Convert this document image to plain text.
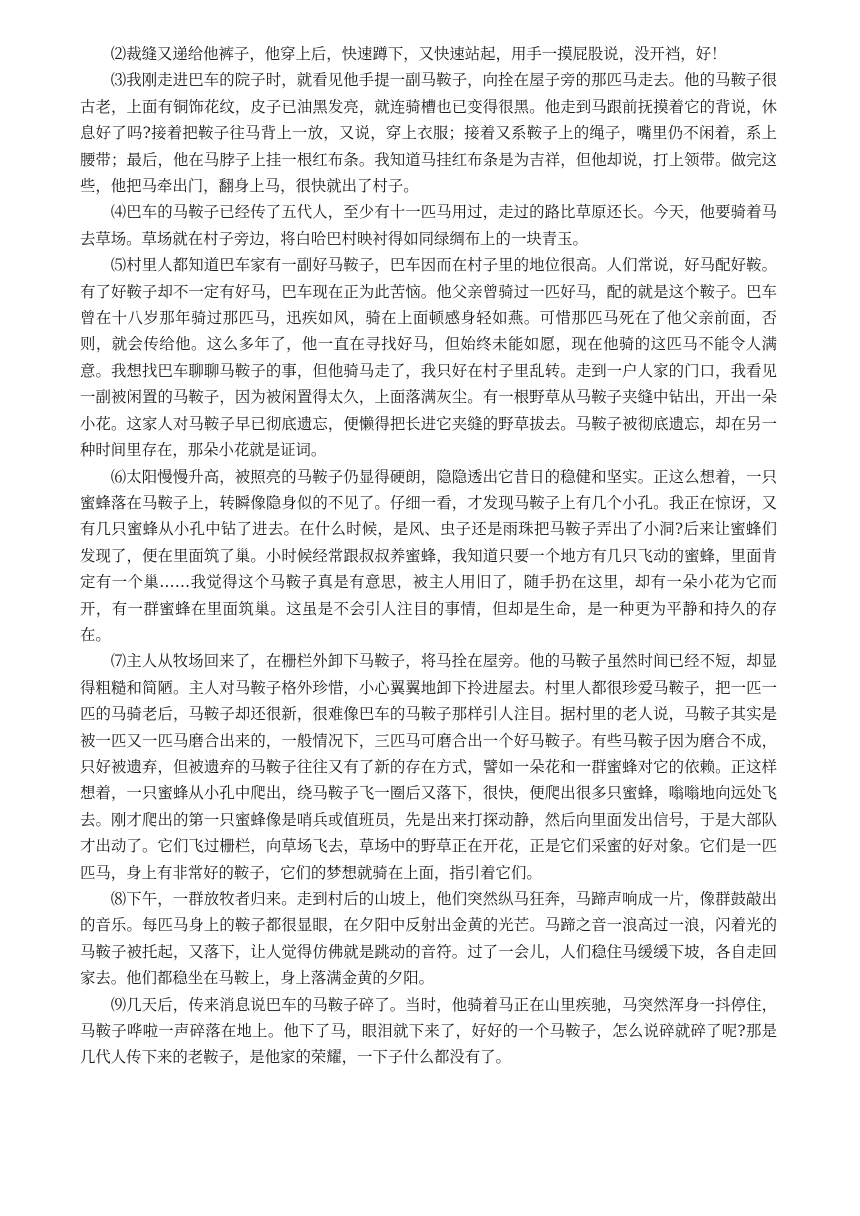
⑵裁缝又递给他裤子，他穿上后，快速蹲下，又快速站起，用手一摸屁股说，没开裆，好！

⑶我刚走进巴车的院子时，就看见他手提一副马鞍子，向拴在屋子旁的那匹马走去。他的马鞍子很古老，上面有铜饰花纹，皮子已油黑发亮，就连骑槽也已变得很黑。他走到马跟前抚摸着它的背说，休息好了吗?接着把鞍子往马背上一放，又说，穿上衣服；接着又系鞍子上的绳子，嘴里仍不闲着，系上腰带；最后，他在马脖子上挂一根红布条。我知道马挂红布条是为吉祥，但他却说，打上领带。做完这些，他把马牵出门，翻身上马，很快就出了村子。

⑷巴车的马鞍子已经传了五代人，至少有十一匹马用过，走过的路比草原还长。今天，他要骑着马去草场。草场就在村子旁边，将白哈巴村映衬得如同绿绸布上的一块青玉。

⑸村里人都知道巴车家有一副好马鞍子，巴车因而在村子里的地位很高。人们常说，好马配好鞍。有了好鞍子却不一定有好马，巴车现在正为此苦恼。他父亲曾骑过一匹好马，配的就是这个鞍子。巴车曾在十八岁那年骑过那匹马，迅疾如风，骑在上面顿感身轻如燕。可惜那匹马死在了他父亲前面，否则，就会传给他。这么多年了，他一直在寻找好马，但始终未能如愿，现在他骑的这匹马不能令人满意。我想找巴车聊聊马鞍子的事，但他骑马走了，我只好在村子里乱转。走到一户人家的门口，我看见一副被闲置的马鞍子，因为被闲置得太久，上面落满灰尘。有一根野草从马鞍子夹缝中钻出，开出一朵小花。这家人对马鞍子早已彻底遗忘，便懒得把长进它夹缝的野草拔去。马鞍子被彻底遗忘，却在另一种时间里存在，那朵小花就是证词。

⑹太阳慢慢升高，被照亮的马鞍子仍显得硬朗，隐隐透出它昔日的稳健和坚实。正这么想着，一只蜜蜂落在马鞍子上，转瞬像隐身似的不见了。仔细一看，才发现马鞍子上有几个小孔。我正在惊讶，又有几只蜜蜂从小孔中钻了进去。在什么时候，是风、虫子还是雨珠把马鞍子弄出了小洞?后来让蜜蜂们发现了，便在里面筑了巢。小时候经常跟叔叔养蜜蜂，我知道只要一个地方有几只飞动的蜜蜂，里面肯定有一个巢……我觉得这个马鞍子真是有意思，被主人用旧了，随手扔在这里，却有一朵小花为它而开，有一群蜜蜂在里面筑巢。这虽是不会引人注目的事情，但却是生命，是一种更为平静和持久的存在。

⑺主人从牧场回来了，在栅栏外卸下马鞍子，将马拴在屋旁。他的马鞍子虽然时间已经不短，却显得粗糙和简陋。主人对马鞍子格外珍惜，小心翼翼地卸下拎进屋去。村里人都很珍爱马鞍子，把一匹一匹的马骑老后，马鞍子却还很新，很难像巴车的马鞍子那样引人注目。据村里的老人说，马鞍子其实是被一匹又一匹马磨合出来的，一般情况下，三匹马可磨合出一个好马鞍子。有些马鞍子因为磨合不成，只好被遗弃，但被遗弃的马鞍子往往又有了新的存在方式，譬如一朵花和一群蜜蜂对它的依赖。正这样想着，一只蜜蜂从小孔中爬出，绕马鞍子飞一圈后又落下，很快，便爬出很多只蜜蜂，嗡嗡地向远处飞去。刚才爬出的第一只蜜蜂像是哨兵或值班员，先是出来打探动静，然后向里面发出信号，于是大部队才出动了。它们飞过栅栏，向草场飞去，草场中的野草正在开花，正是它们采蜜的好对象。它们是一匹匹马，身上有非常好的鞍子，它们的梦想就骑在上面，指引着它们。

⑻下午，一群放牧者归来。走到村后的山坡上，他们突然纵马狂奔，马蹄声响成一片，像群鼓敲出的音乐。每匹马身上的鞍子都很显眼，在夕阳中反射出金黄的光芒。马蹄之音一浪高过一浪，闪着光的马鞍子被托起，又落下，让人觉得仿佛就是跳动的音符。过了一会儿，人们稳住马缓缓下坡，各自走回家去。他们都稳坐在马鞍上，身上落满金黄的夕阳。

⑼几天后，传来消息说巴车的马鞍子碎了。当时，他骑着马正在山里疾驰，马突然浑身一抖停住，马鞍子哗啦一声碎落在地上。他下了马，眼泪就下来了，好好的一个马鞍子，怎么说碎就碎了呢?那是几代人传下来的老鞍子，是他家的荣耀，一下子什么都没有了。
